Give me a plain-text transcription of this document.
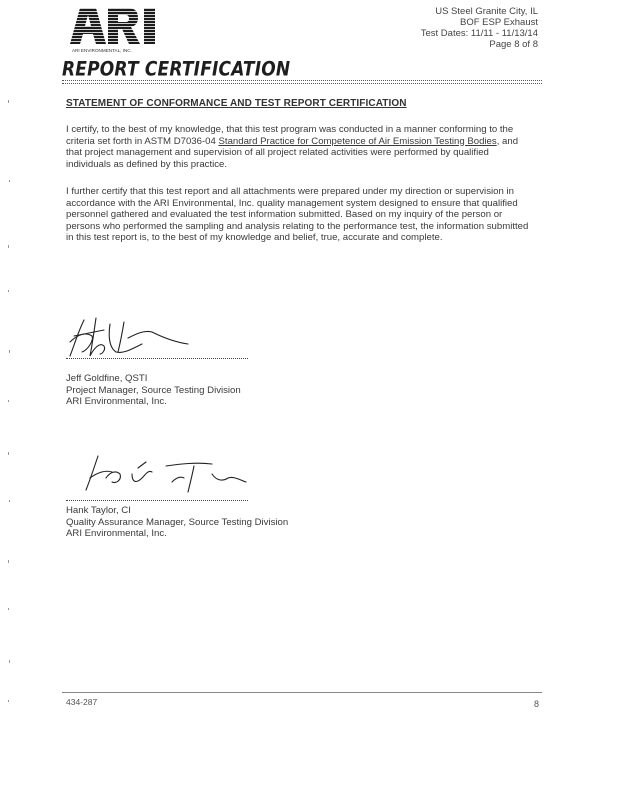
ARI ENVIRONMENTAL, INC.
US Steel Granite City, IL
BOF ESP Exhaust
Test Dates: 11/11 - 11/13/14
Page 8 of 8
REPORT CERTIFICATION
STATEMENT OF CONFORMANCE AND TEST REPORT CERTIFICATION
I certify, to the best of my knowledge, that this test program was conducted in a manner conforming to the criteria set forth in ASTM D7036-04 Standard Practice for Competence of Air Emission Testing Bodies, and that project management and supervision of all project related activities were performed by qualified individuals as defined by this practice.
I further certify that this test report and all attachments were prepared under my direction or supervision in accordance with the ARI Environmental, Inc. quality management system designed to ensure that qualified personnel gathered and evaluated the test information submitted. Based on my inquiry of the person or persons who performed the sampling and analysis relating to the performance test, the information submitted in this test report is, to the best of my knowledge and belief, true, accurate and complete.
Jeff Goldfine, QSTI
Project Manager, Source Testing Division
ARI Environmental, Inc.
Hank Taylor, CI
Quality Assurance Manager, Source Testing Division
ARI Environmental, Inc.
434-287	8
